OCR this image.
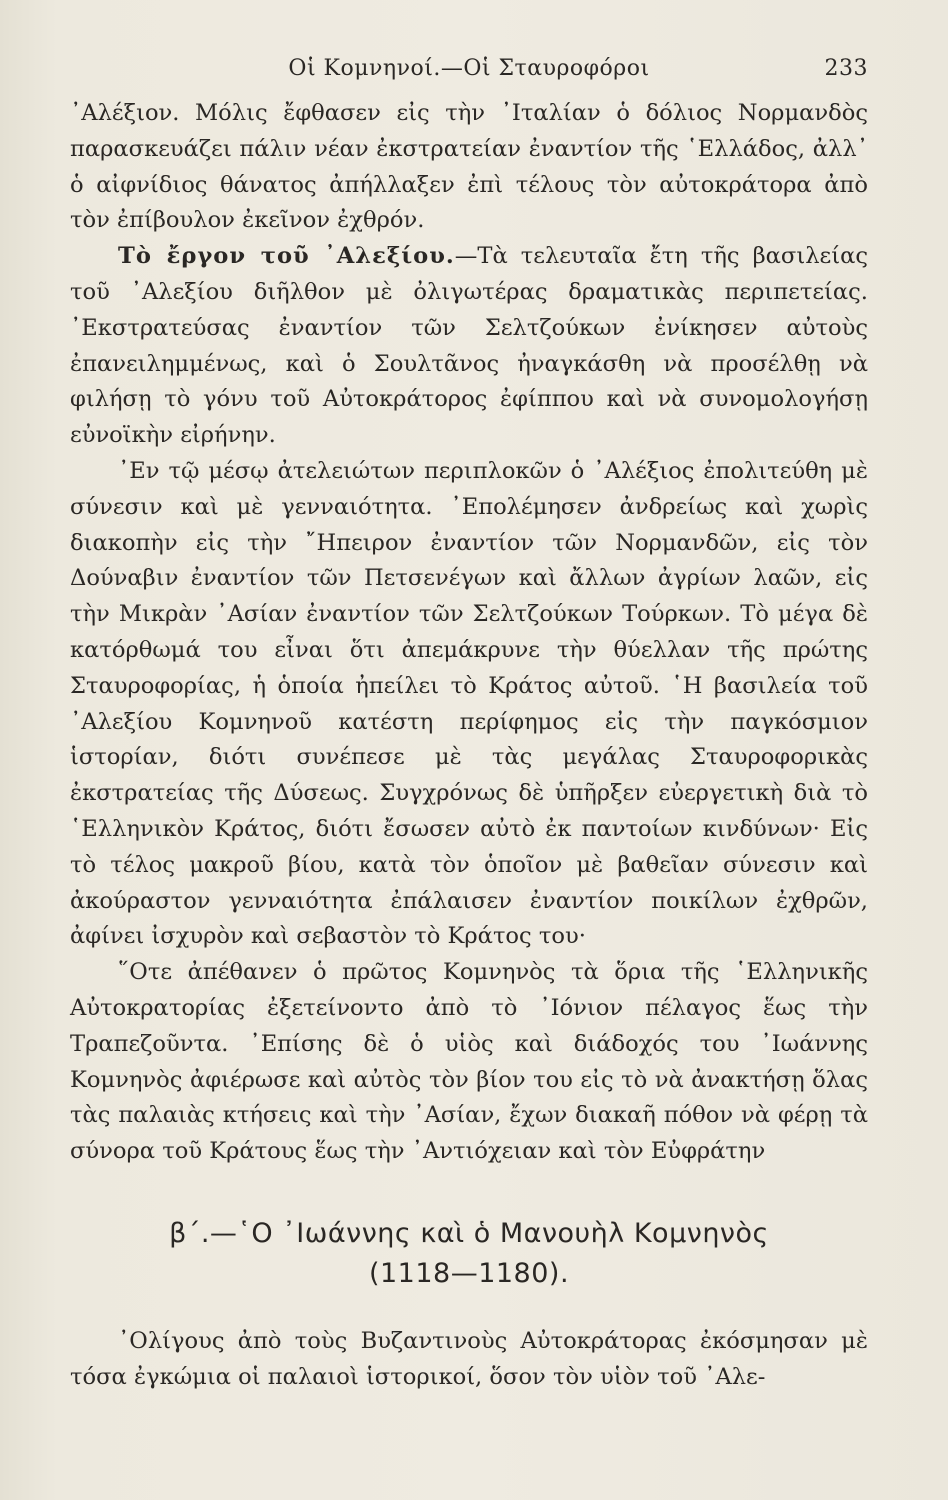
Οἱ Κομνηνοί.—Οἱ Σταυροφόροι	233

᾿Αλέξιον. Μόλις ἔφθασεν εἰς τὴν ᾿Ιταλίαν ὁ δόλιος Νορμανδὸς παρασκευάζει πάλιν νέαν ἐκστρατείαν ἐναντίον τῆς ῾Ελλάδος, ἀλλ᾿ ὁ αἰφνίδιος θάνατος ἀπήλλαξεν ἐπὶ τέλους τὸν αὐτοκράτορα ἀπὸ τὸν ἐπίβουλον ἐκεῖνον ἐχθρόν.

Τὸ ἔργον τοῦ ᾿Αλεξίου.—Τὰ τελευταῖα ἔτη τῆς βασιλείας τοῦ ᾿Αλεξίου διῆλθον μὲ ὀλιγωτέρας δραματικὰς περιπετείας. ᾿Εκστρατεύσας ἐναντίον τῶν Σελτζούκων ἐνίκησεν αὐτοὺς ἐπανειλημμένως, καὶ ὁ Σουλτᾶνος ἠναγκάσθη νὰ προσέλθῃ νὰ φιλήσῃ τὸ γόνυ τοῦ Αὐτοκράτορος ἐφίππου καὶ νὰ συνομολογήσῃ εὐνοϊκὴν εἰρήνην.

᾿Εν τῷ μέσῳ ἀτελειώτων περιπλοκῶν ὁ ᾿Αλέξιος ἐπολιτεύθη μὲ σύνεσιν καὶ μὲ γενναιότητα. ᾿Επολέμησεν ἀνδρείως καὶ χωρὶς διακοπὴν εἰς τὴν ῎Ηπειρον ἐναντίον τῶν Νορμανδῶν, εἰς τὸν Δούναβιν ἐναντίον τῶν Πετσενέγων καὶ ἄλλων ἀγρίων λαῶν, εἰς τὴν Μικρὰν ᾿Ασίαν ἐναντίον τῶν Σελτζούκων Τούρκων. Τὸ μέγα δὲ κατόρθωμά του εἶναι ὅτι ἀπεμάκρυνε τὴν θύελλαν τῆς πρώτης Σταυροφορίας, ἡ ὁποία ἠπείλει τὸ Κράτος αὐτοῦ. ῾Η βασιλεία τοῦ ᾿Αλεξίου Κομνηνοῦ κατέστη περίφημος εἰς τὴν παγκόσμιον ἱστορίαν, διότι συνέπεσε μὲ τὰς μεγάλας Σταυροφορικὰς ἐκστρατείας τῆς Δύσεως. Συγχρόνως δὲ ὑπῆρξεν εὐεργετικὴ διὰ τὸ ῾Ελληνικὸν Κράτος, διότι ἔσωσεν αὐτὸ ἐκ παντοίων κινδύνων· Εἰς τὸ τέλος μακροῦ βίου, κατὰ τὸν ὁποῖον μὲ βαθεῖαν σύνεσιν καὶ ἀκούραστον γενναιότητα ἐπάλαισεν ἐναντίον ποικίλων ἐχθρῶν, ἀφίνει ἰσχυρὸν καὶ σεβαστὸν τὸ Κράτος του·

῞Οτε ἀπέθανεν ὁ πρῶτος Κομνηνὸς τὰ ὅρια τῆς ῾Ελληνικῆς Αὐτοκρατορίας ἐξετείνοντο ἀπὸ τὸ ᾿Ιόνιον πέλαγος ἕως τὴν Τραπεζοῦντα. ᾿Επίσης δὲ ὁ υἱὸς καὶ διάδοχός του ᾿Ιωάννης Κομνηνὸς ἀφιέρωσε καὶ αὐτὸς τὸν βίον του εἰς τὸ νὰ ἀνακτήσῃ ὅλας τὰς παλαιὰς κτήσεις καὶ τὴν ᾿Ασίαν, ἔχων διακαῆ πόθον νὰ φέρῃ τὰ σύνορα τοῦ Κράτους ἕως τὴν ᾿Αντιόχειαν καὶ τὸν Εὐφράτην

β΄.—῾Ο ᾿Ιωάννης καὶ ὁ Μανουὴλ Κομνηνὸς
(1118—1180).

᾿Ολίγους ἀπὸ τοὺς Βυζαντινοὺς Αὐτοκράτορας ἐκόσμησαν μὲ τόσα ἐγκώμια οἱ παλαιοὶ ἱστορικοί, ὅσον τὸν υἱὸν τοῦ ᾿Αλε-
